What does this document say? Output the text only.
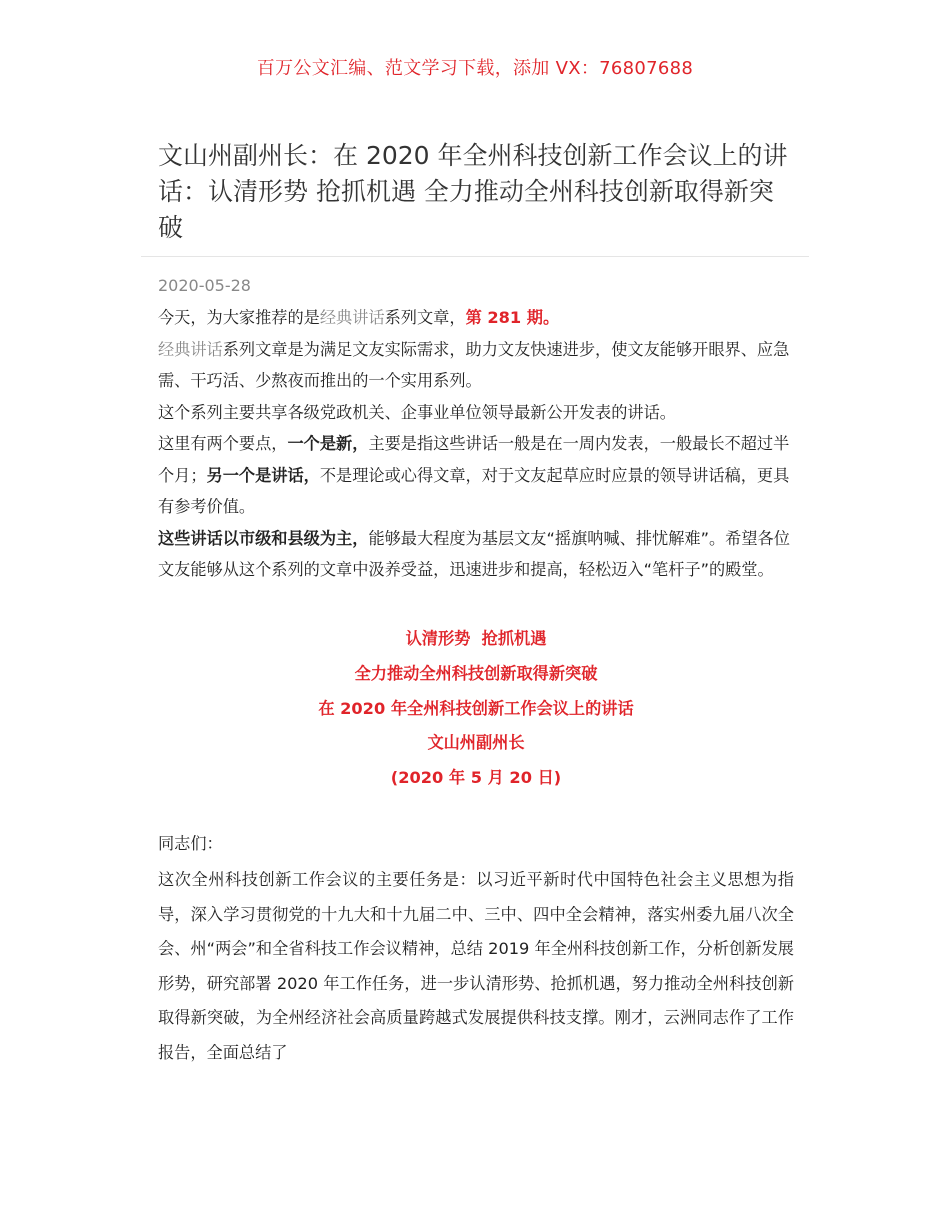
百万公文汇编、范文学习下载，添加 VX：76807688
文山州副州长：在 2020 年全州科技创新工作会议上的讲话：认清形势 抢抓机遇 全力推动全州科技创新取得新突破
2020-05-28

今天，为大家推荐的是经典讲话系列文章，第 281 期。

经典讲话系列文章是为满足文友实际需求，助力文友快速进步，使文友能够开眼界、应急需、干巧活、少熬夜而推出的一个实用系列。

这个系列主要共享各级党政机关、企事业单位领导最新公开发表的讲话。

这里有两个要点，一个是新，主要是指这些讲话一般是在一周内发表，一般最长不超过半个月；另一个是讲话，不是理论或心得文章，对于文友起草应时应景的领导讲话稿，更具有参考价值。

这些讲话以市级和县级为主，能够最大程度为基层文友“摇旗呐喊、排忧解难”。希望各位文友能够从这个系列的文章中汲养受益，迅速进步和提高，轻松迈入“笔杆子”的殿堂。

认清形势  抢抓机遇
全力推动全州科技创新取得新突破
在 2020 年全州科技创新工作会议上的讲话
文山州副州长
(2020 年 5 月 20 日)
同志们：

这次全州科技创新工作会议的主要任务是：以习近平新时代中国特色社会主义思想为指导，深入学习贯彻党的十九大和十九届二中、三中、四中全会精神，落实州委九届八次全会、州“两会”和全省科技工作会议精神，总结 2019 年全州科技创新工作，分析创新发展形势，研究部署 2020 年工作任务，进一步认清形势、抢抓机遇，努力推动全州科技创新取得新突破，为全州经济社会高质量跨越式发展提供科技支撑。刚才，云洲同志作了工作报告，全面总结了
